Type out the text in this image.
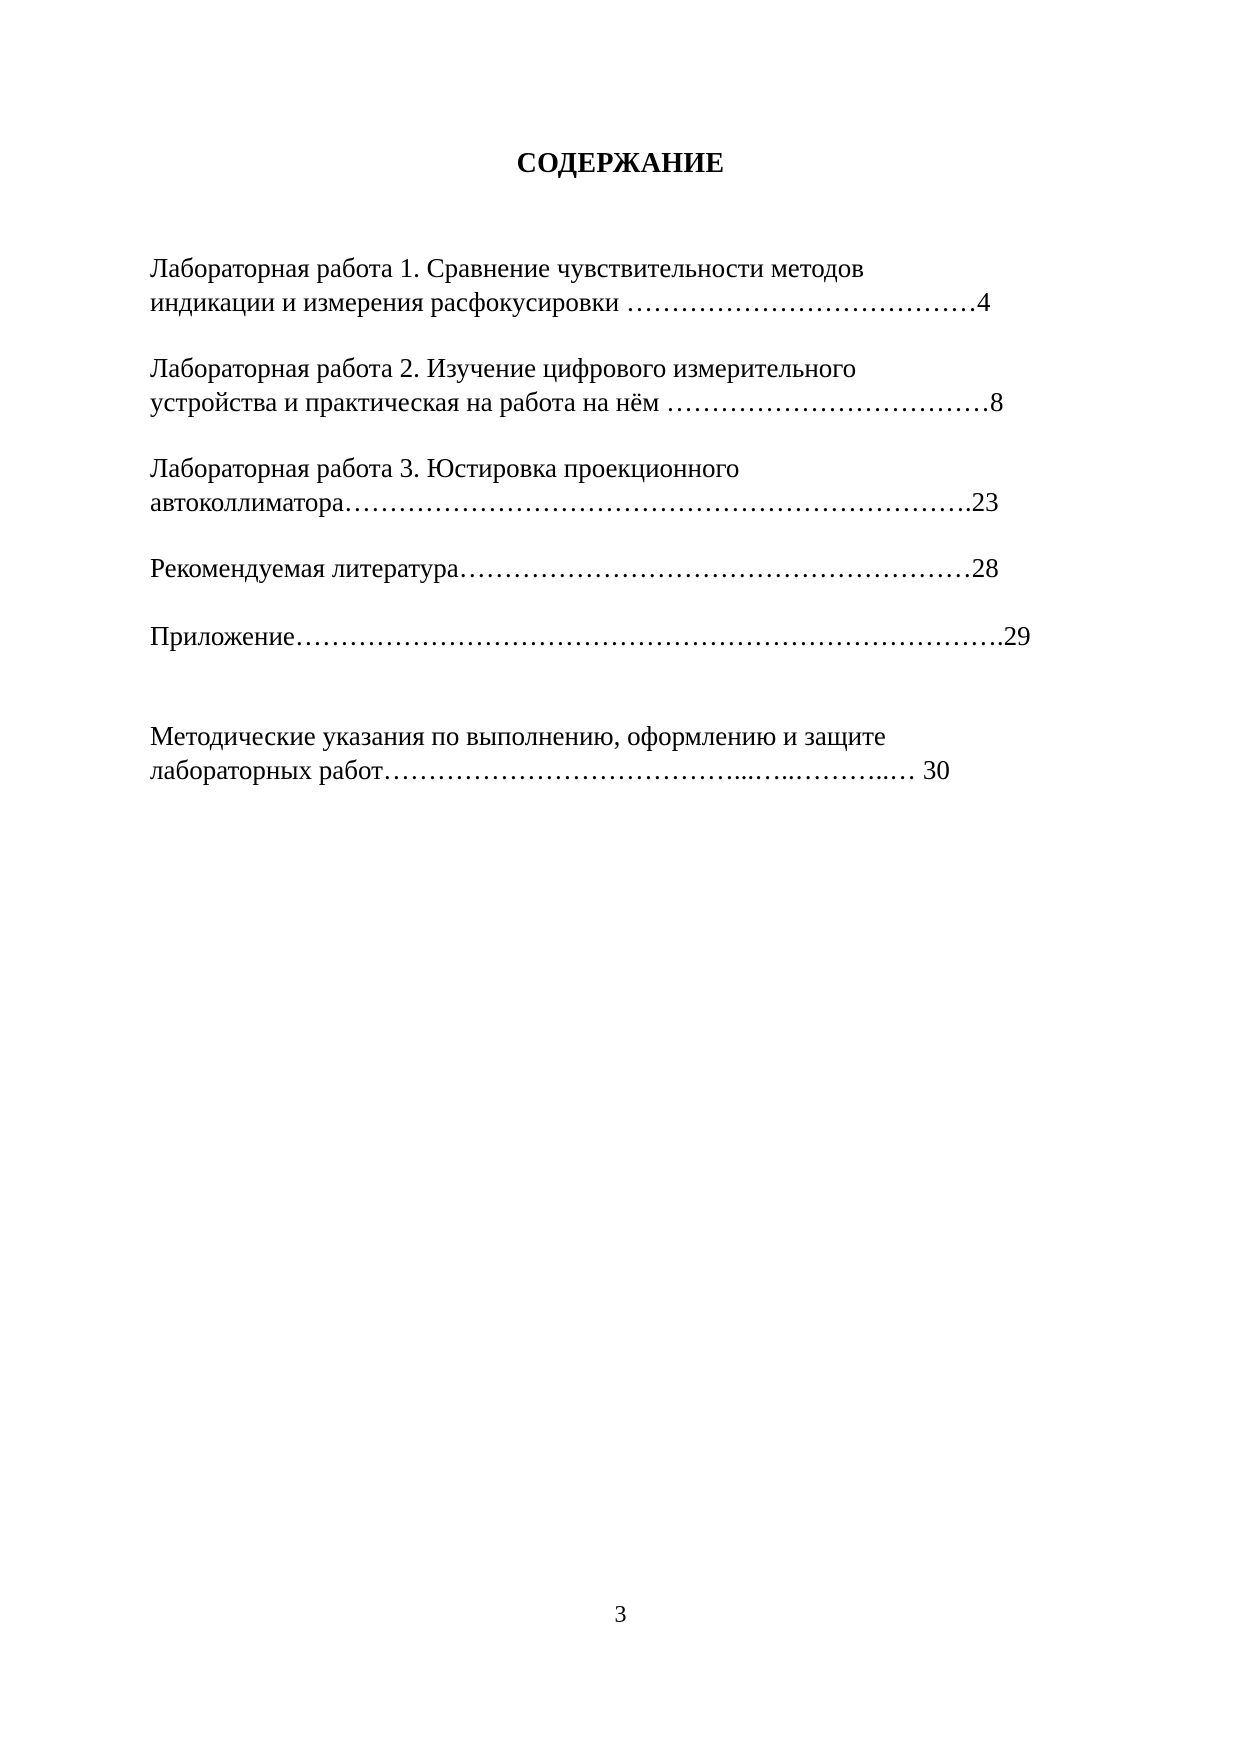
СОДЕРЖАНИЕ
Лабораторная работа 1. Сравнение чувствительности методов
индикации и измерения расфокусировки …………………………………4
Лабораторная работа 2. Изучение цифрового измерительного
устройства и практическая на работа на нём ………………………………8
Лабораторная работа 3. Юстировка проекционного
автоколлиматора…………………………………………………………….23
Рекомендуемая литература…………………………………………………28
Приложение…………………………………………………………………….29
Методические указания по выполнению, оформлению и защите
лабораторных работ…………………………………...…..………..… 30
3
